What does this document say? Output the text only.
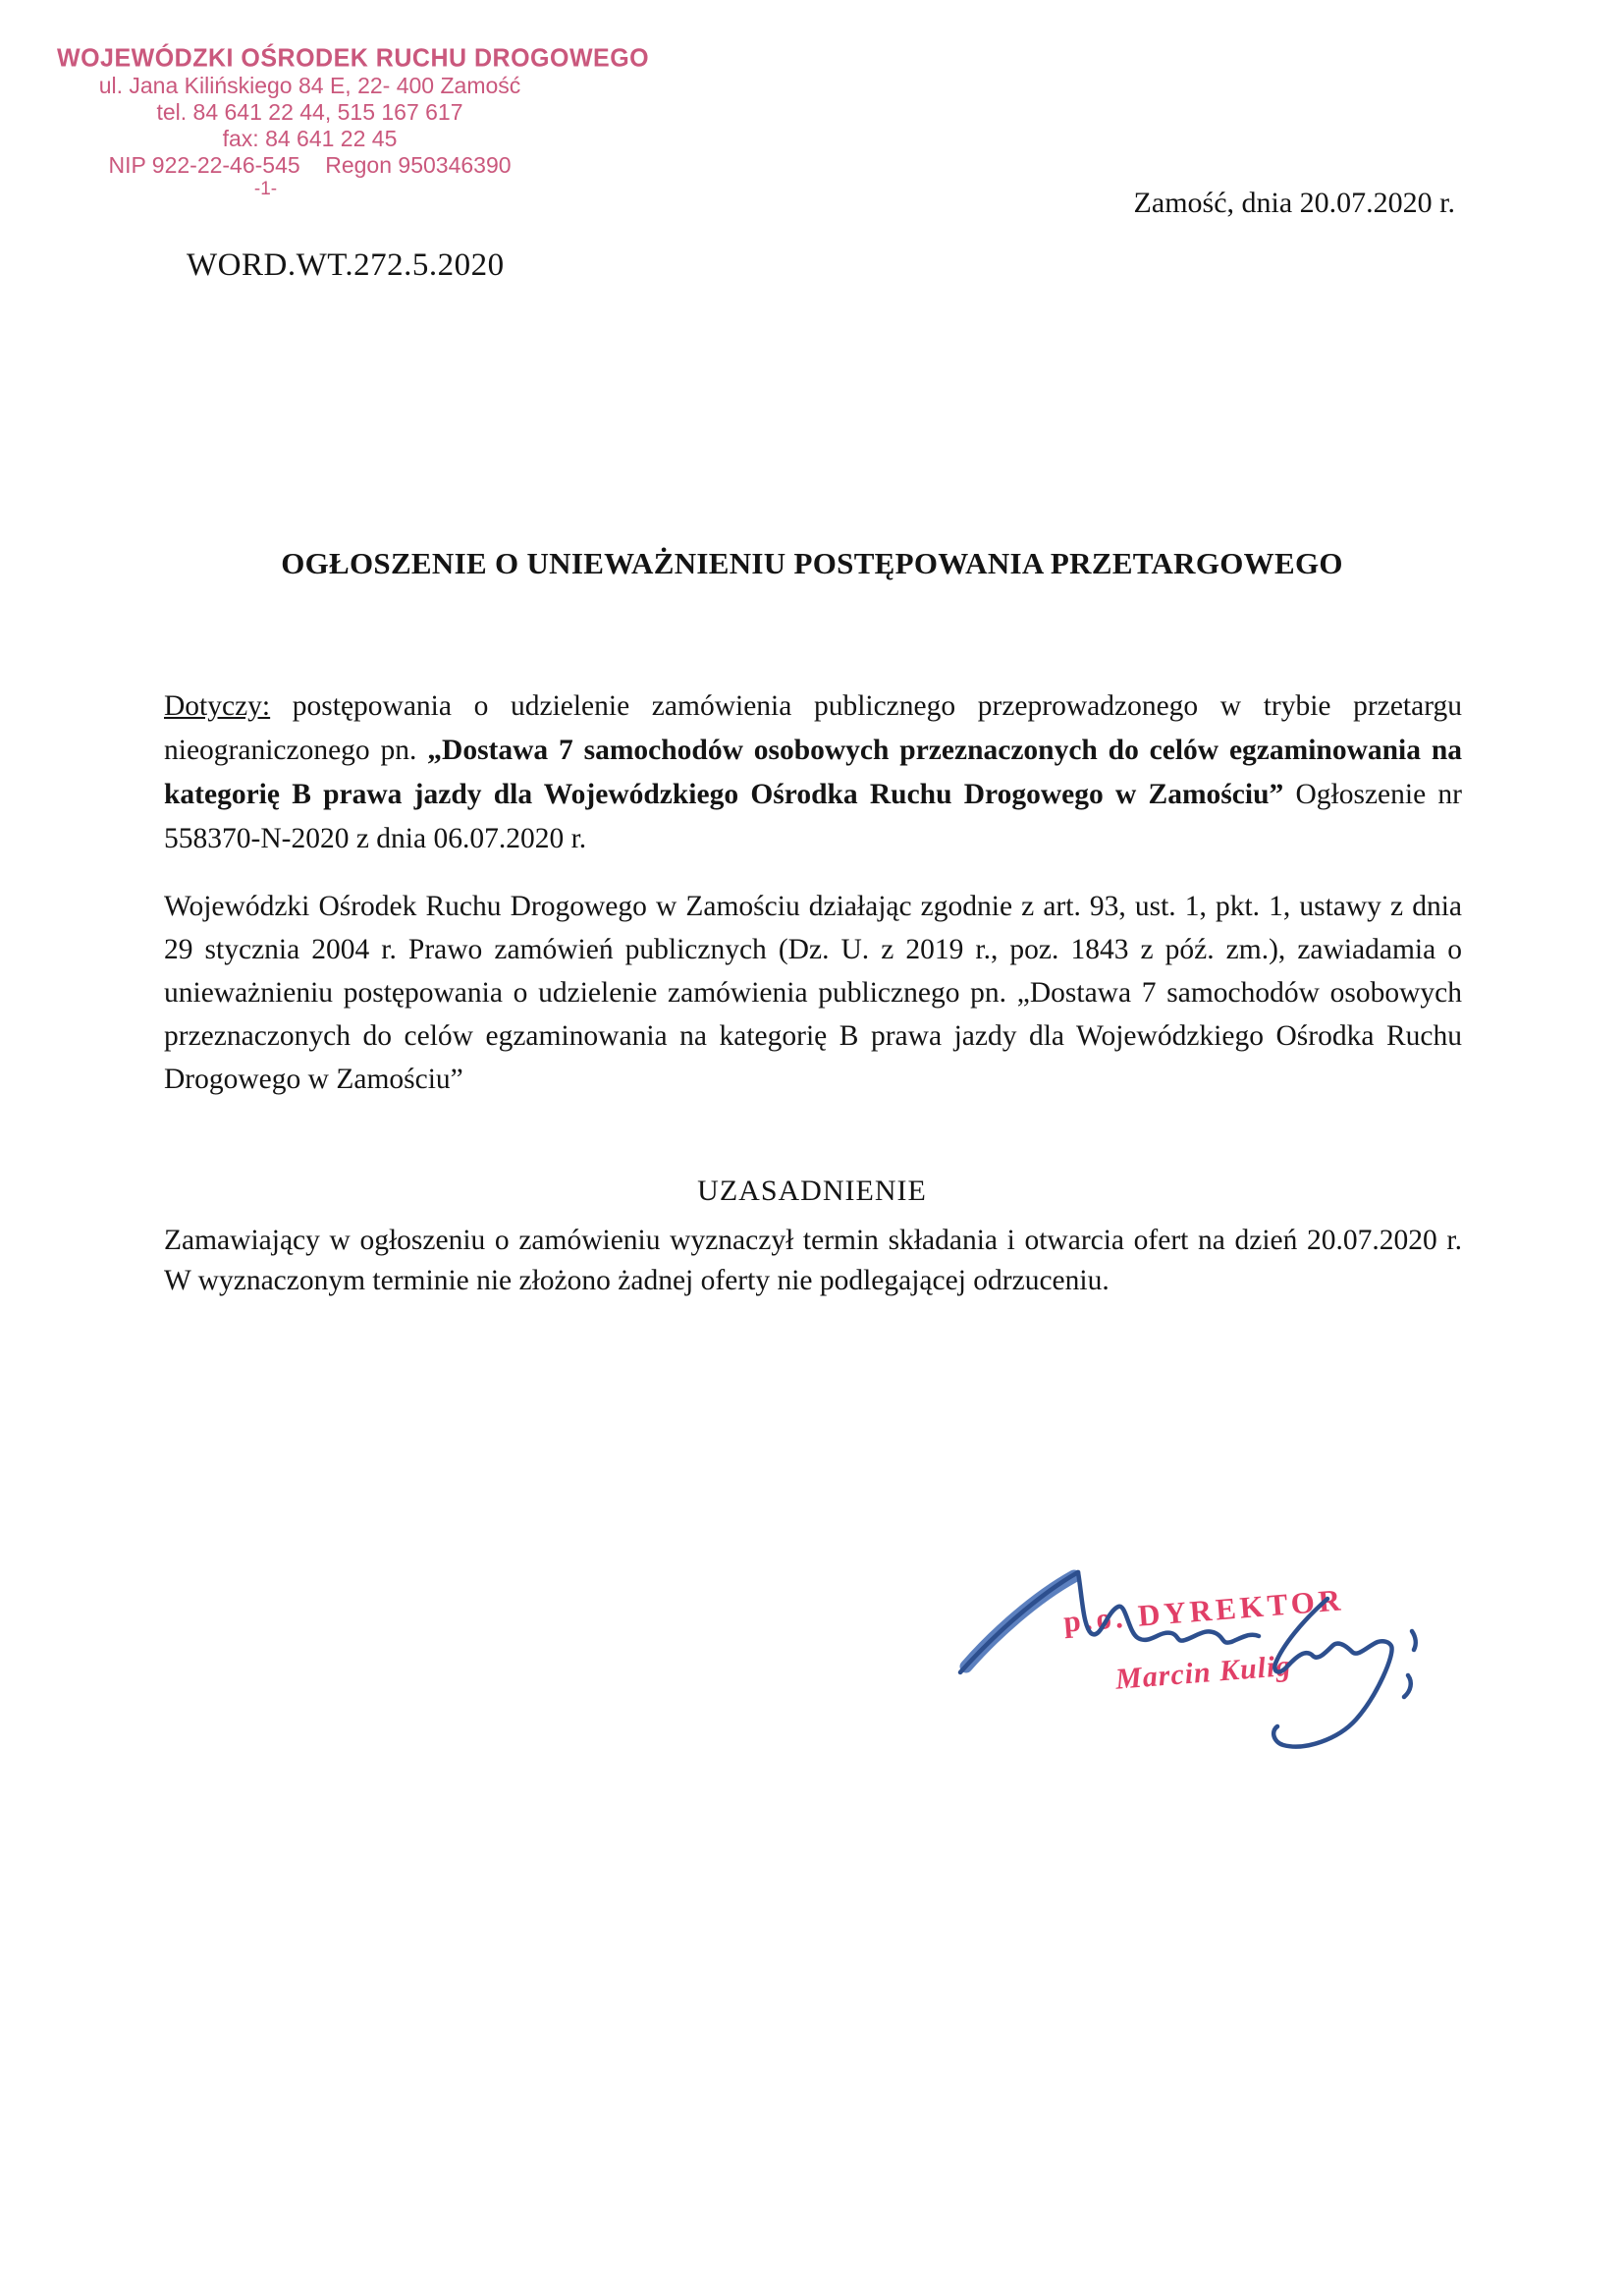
WOJEWÓDZKI OŚRODEK RUCHU DROGOWEGO
ul. Jana Kilińskiego 84 E, 22- 400 Zamość
tel. 84 641 22 44, 515 167 617
fax: 84 641 22 45
NIP 922-22-46-545    Regon 950346390
-1-	Zamość, dnia 20.07.2020 r.
WORD.WT.272.5.2020
OGŁOSZENIE O UNIEWAŻNIENIU POSTĘPOWANIA PRZETARGOWEGO

Dotyczy: postępowania o udzielenie zamówienia publicznego przeprowadzonego w trybie przetargu nieograniczonego pn. „Dostawa 7 samochodów osobowych przeznaczonych do celów egzaminowania na kategorię B prawa jazdy dla Wojewódzkiego Ośrodka Ruchu Drogowego w Zamościu” Ogłoszenie nr 558370-N-2020 z dnia 06.07.2020 r.

Wojewódzki Ośrodek Ruchu Drogowego w Zamościu działając zgodnie z art. 93, ust. 1, pkt. 1, ustawy z dnia 29 stycznia 2004 r. Prawo zamówień publicznych (Dz. U. z 2019 r., poz. 1843 z póź. zm.), zawiadamia o unieważnieniu postępowania o udzielenie zamówienia publicznego pn. „Dostawa 7 samochodów osobowych przeznaczonych do celów egzaminowania na kategorię B prawa jazdy dla Wojewódzkiego Ośrodka Ruchu Drogowego w Zamościu”

UZASADNIENIE

Zamawiający w ogłoszeniu o zamówieniu wyznaczył termin składania i otwarcia ofert na dzień 20.07.2020 r. W wyznaczonym terminie nie złożono żadnej oferty nie podlegającej odrzuceniu.

p.o. DYREKTOR
Marcin Kulig
